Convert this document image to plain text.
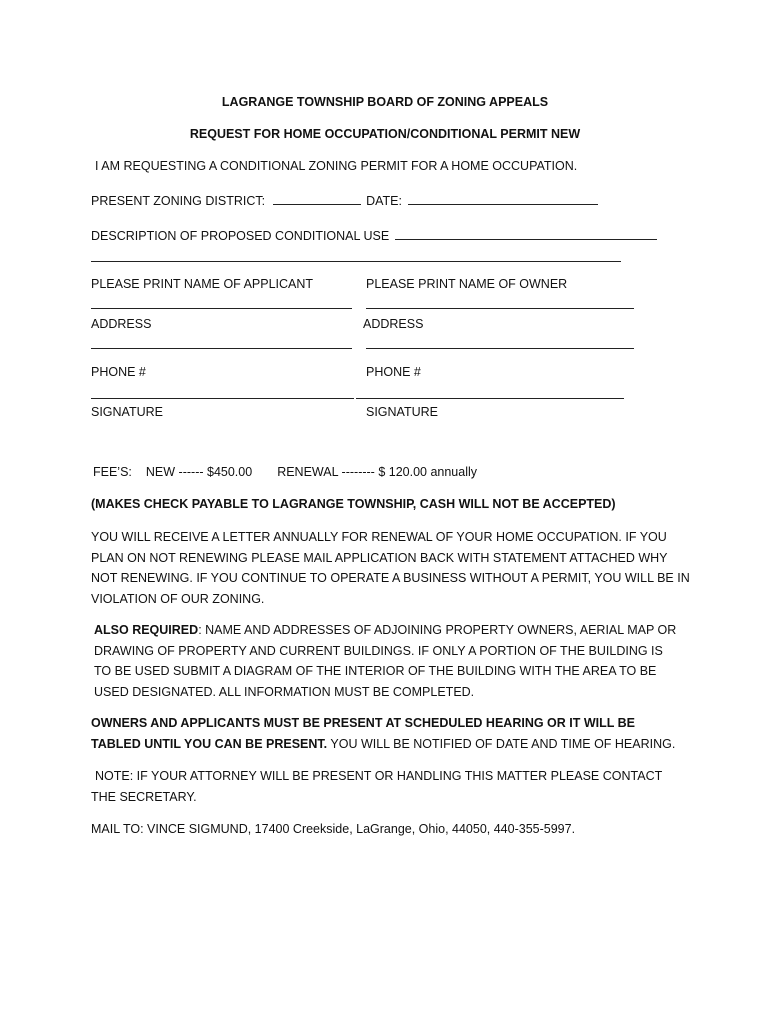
LAGRANGE TOWNSHIP BOARD OF ZONING APPEALS

REQUEST FOR HOME OCCUPATION/CONDITIONAL PERMIT NEW

I AM REQUESTING A CONDITIONAL ZONING PERMIT FOR A HOME OCCUPATION.

PRESENT ZONING DISTRICT:	DATE:

DESCRIPTION OF PROPOSED CONDITIONAL USE

PLEASE PRINT NAME OF APPLICANT	PLEASE PRINT NAME OF OWNER

ADDRESS	ADDRESS

PHONE #	PHONE #

SIGNATURE	SIGNATURE

FEE’S: NEW ------ $450.00 RENEWAL -------- $ 120.00 annually

(MAKES CHECK PAYABLE TO LAGRANGE TOWNSHIP, CASH WILL NOT BE ACCEPTED)

YOU WILL RECEIVE A LETTER ANNUALLY FOR RENEWAL OF YOUR HOME OCCUPATION. IF YOU PLAN ON NOT RENEWING PLEASE MAIL APPLICATION BACK WITH STATEMENT ATTACHED WHY NOT RENEWING. IF YOU CONTINUE TO OPERATE A BUSINESS WITHOUT A PERMIT, YOU WILL BE IN VIOLATION OF OUR ZONING.

ALSO REQUIRED: NAME AND ADDRESSES OF ADJOINING PROPERTY OWNERS, AERIAL MAP OR DRAWING OF PROPERTY AND CURRENT BUILDINGS. IF ONLY A PORTION OF THE BUILDING IS TO BE USED SUBMIT A DIAGRAM OF THE INTERIOR OF THE BUILDING WITH THE AREA TO BE USED DESIGNATED. ALL INFORMATION MUST BE COMPLETED.

OWNERS AND APPLICANTS MUST BE PRESENT AT SCHEDULED HEARING OR IT WILL BE TABLED UNTIL YOU CAN BE PRESENT. YOU WILL BE NOTIFIED OF DATE AND TIME OF HEARING.

NOTE: IF YOUR ATTORNEY WILL BE PRESENT OR HANDLING THIS MATTER PLEASE CONTACT THE SECRETARY.

MAIL TO: VINCE SIGMUND, 17400 Creekside, LaGrange, Ohio, 44050, 440-355-5997.
